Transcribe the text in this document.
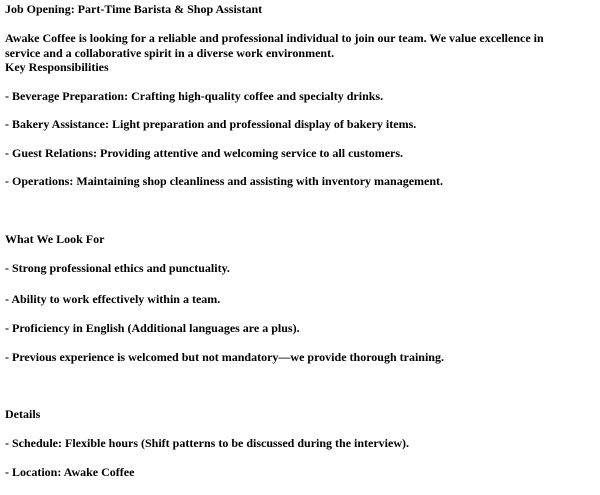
Job Opening: Part-Time Barista & Shop Assistant
Awake Coffee is looking for a reliable and professional individual to join our team. We value excellence in
service and a collaborative spirit in a diverse work environment.
Key Responsibilities
- Beverage Preparation: Crafting high-quality coffee and specialty drinks.
- Bakery Assistance: Light preparation and professional display of bakery items.
- Guest Relations: Providing attentive and welcoming service to all customers.
- Operations: Maintaining shop cleanliness and assisting with inventory management.
What We Look For
- Strong professional ethics and punctuality.
- Ability to work effectively within a team.
- Proficiency in English (Additional languages are a plus).
- Previous experience is welcomed but not mandatory—we provide thorough training.
Details
- Schedule: Flexible hours (Shift patterns to be discussed during the interview).
- Location: Awake Coffee
